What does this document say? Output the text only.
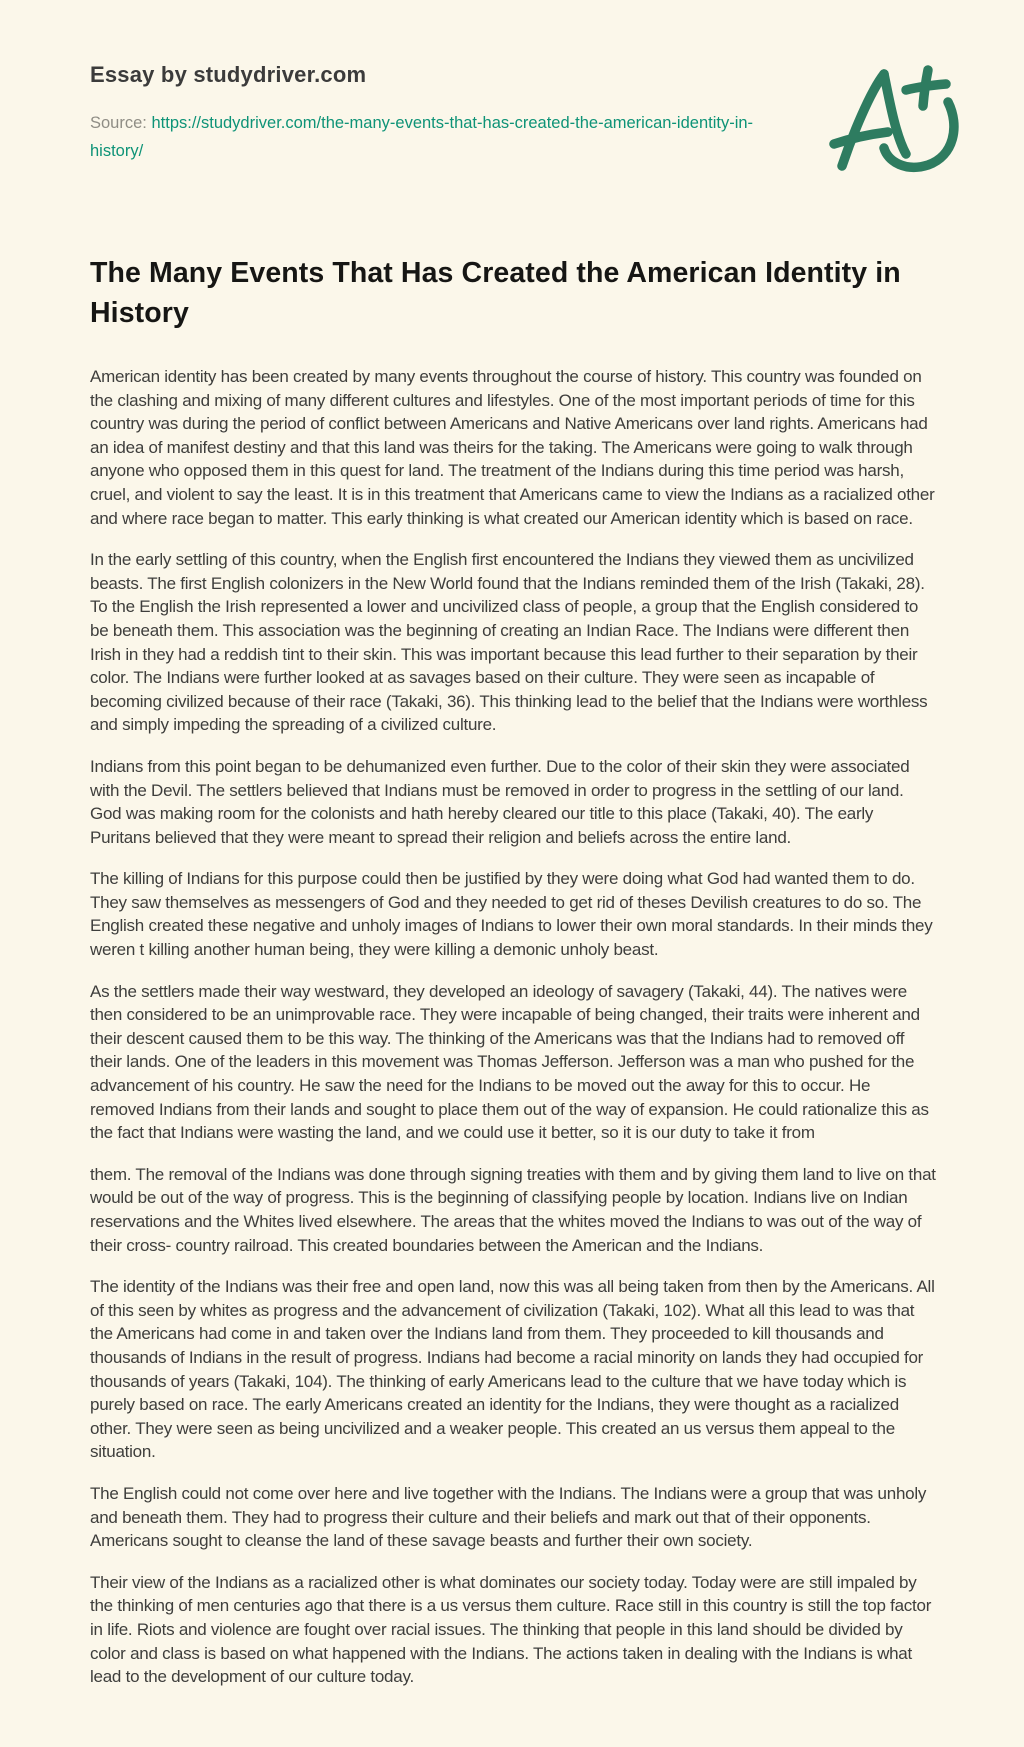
Essay by studydriver.com
Source: https://studydriver.com/the-many-events-that-has-created-the-american-identity-in-history/
The Many Events That Has Created the American Identity in History

American identity has been created by many events throughout the course of history. This country was founded on the clashing and mixing of many different cultures and lifestyles. One of the most important periods of time for this country was during the period of conflict between Americans and Native Americans over land rights. Americans had an idea of manifest destiny and that this land was theirs for the taking. The Americans were going to walk through anyone who opposed them in this quest for land. The treatment of the Indians during this time period was harsh, cruel, and violent to say the least. It is in this treatment that Americans came to view the Indians as a racialized other and where race began to matter. This early thinking is what created our American identity which is based on race.

In the early settling of this country, when the English first encountered the Indians they viewed them as uncivilized beasts. The first English colonizers in the New World found that the Indians reminded them of the Irish (Takaki, 28). To the English the Irish represented a lower and uncivilized class of people, a group that the English considered to be beneath them. This association was the beginning of creating an Indian Race. The Indians were different then Irish in they had a reddish tint to their skin. This was important because this lead further to their separation by their color. The Indians were further looked at as savages based on their culture. They were seen as incapable of becoming civilized because of their race (Takaki, 36). This thinking lead to the belief that the Indians were worthless and simply impeding the spreading of a civilized culture.

Indians from this point began to be dehumanized even further. Due to the color of their skin they were associated with the Devil. The settlers believed that Indians must be removed in order to progress in the settling of our land. God was making room for the colonists and hath hereby cleared our title to this place (Takaki, 40). The early Puritans believed that they were meant to spread their religion and beliefs across the entire land.

The killing of Indians for this purpose could then be justified by they were doing what God had wanted them to do. They saw themselves as messengers of God and they needed to get rid of theses Devilish creatures to do so. The English created these negative and unholy images of Indians to lower their own moral standards. In their minds they weren t killing another human being, they were killing a demonic unholy beast.

As the settlers made their way westward, they developed an ideology of savagery (Takaki, 44). The natives were then considered to be an unimprovable race. They were incapable of being changed, their traits were inherent and their descent caused them to be this way. The thinking of the Americans was that the Indians had to removed off their lands. One of the leaders in this movement was Thomas Jefferson. Jefferson was a man who pushed for the advancement of his country. He saw the need for the Indians to be moved out the away for this to occur. He removed Indians from their lands and sought to place them out of the way of expansion. He could rationalize this as the fact that Indians were wasting the land, and we could use it better, so it is our duty to take it from

them. The removal of the Indians was done through signing treaties with them and by giving them land to live on that would be out of the way of progress. This is the beginning of classifying people by location. Indians live on Indian reservations and the Whites lived elsewhere. The areas that the whites moved the Indians to was out of the way of their cross- country railroad. This created boundaries between the American and the Indians.

The identity of the Indians was their free and open land, now this was all being taken from then by the Americans. All of this seen by whites as progress and the advancement of civilization (Takaki, 102). What all this lead to was that the Americans had come in and taken over the Indians land from them. They proceeded to kill thousands and thousands of Indians in the result of progress. Indians had become a racial minority on lands they had occupied for thousands of years (Takaki, 104). The thinking of early Americans lead to the culture that we have today which is purely based on race. The early Americans created an identity for the Indians, they were thought as a racialized other. They were seen as being uncivilized and a weaker people. This created an us versus them appeal to the situation.

The English could not come over here and live together with the Indians. The Indians were a group that was unholy and beneath them. They had to progress their culture and their beliefs and mark out that of their opponents. Americans sought to cleanse the land of these savage beasts and further their own society.

Their view of the Indians as a racialized other is what dominates our society today. Today were are still impaled by the thinking of men centuries ago that there is a us versus them culture. Race still in this country is still the top factor in life. Riots and violence are fought over racial issues. The thinking that people in this land should be divided by color and class is based on what happened with the Indians. The actions taken in dealing with the Indians is what lead to the development of our culture today.
